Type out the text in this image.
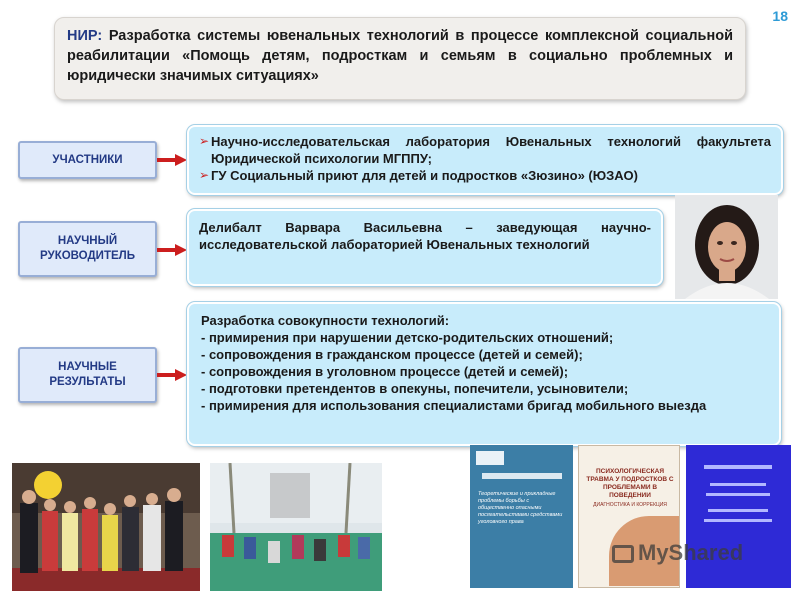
18
НИР: Разработка системы ювенальных технологий в процессе комплексной социальной реабилитации «Помощь детям, подросткам и семьям в социально проблемных и юридически значимых ситуациях»
УЧАСТНИКИ
➢ Научно-исследовательская лаборатория Ювенальных технологий факультета Юридической психологии МГППУ;
➢ ГУ Социальный приют для детей и подростков «Зюзино» (ЮЗАО)
НАУЧНЫЙ
РУКОВОДИТЕЛЬ
Делибалт Варвара Васильевна – заведующая научно-исследовательской лабораторией Ювенальных технологий
НАУЧНЫЕ
РЕЗУЛЬТАТЫ
Разработка совокупности технологий:
- примирения при нарушении детско-родительских отношений;
- сопровождения в гражданском процессе (детей и семей);
- сопровождения в уголовном процессе (детей и семей);
- подготовки претендентов в опекуны, попечители, усыновители;
- примирения для использования специалистами бригад мобильного выезда
Теоретические и прикладные проблемы борьбы с общественно опасными посягательствами средствами уголовного права
ПСИХОЛОГИЧЕСКАЯ ТРАВМА У ПОДРОСТКОВ С ПРОБЛЕМАМИ В ПОВЕДЕНИИ
ДИАГНОСТИКА И КОРРЕКЦИЯ
MyShared
